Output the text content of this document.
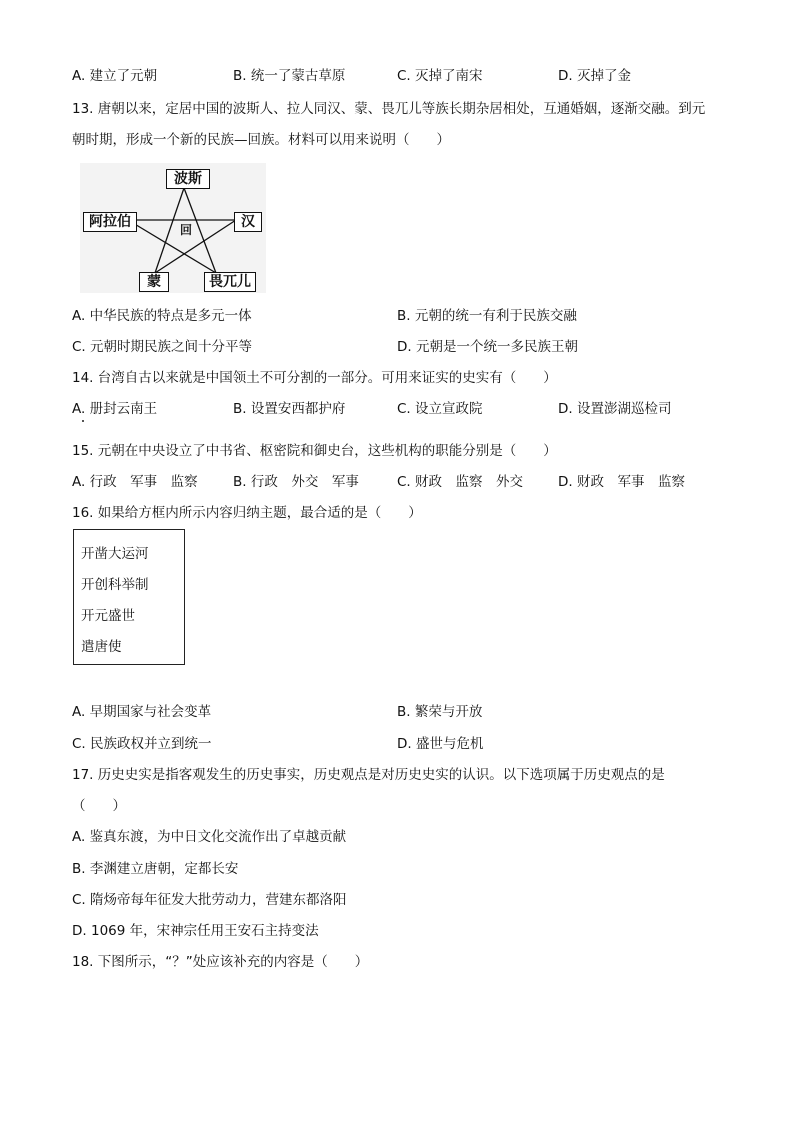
A. 建立了元朝	B. 统一了蒙古草原	C. 灭掉了南宋	D. 灭掉了金
13. 唐朝以来，定居中国的波斯人、拉人同汉、蒙、畏兀儿等族长期杂居相处，互通婚姻，逐渐交融。到元
朝时期，形成一个新的民族—回族。材料可以用来说明（　　）
波斯
阿拉伯	汉
蒙	畏兀儿
回
A. 中华民族的特点是多元一体	B. 元朝的统一有利于民族交融
C. 元朝时期民族之间十分平等	D. 元朝是一个统一多民族王朝
14. 台湾自古以来就是中国领土不可分割的一部分。可用来证实的史实有（　　）
A. 册封云南王	B. 设置安西都护府	C. 设立宣政院	D. 设置澎湖巡检司
15. 元朝在中央设立了中书省、枢密院和御史台，这些机构的职能分别是（　　）
A. 行政　军事　监察	B. 行政　外交　军事	C. 财政　监察　外交	D. 财政　军事　监察
16. 如果给方框内所示内容归纳主题，最合适的是（　　）
开凿大运河
开创科举制
开元盛世
遣唐使
A. 早期国家与社会变革	B. 繁荣与开放
C. 民族政权并立到统一	D. 盛世与危机
17. 历史史实是指客观发生的历史事实，历史观点是对历史史实的认识。以下选项属于历史观点的是
（　　）
A. 鉴真东渡，为中日文化交流作出了卓越贡献
B. 李渊建立唐朝，定都长安
C. 隋炀帝每年征发大批劳动力，营建东都洛阳
D. 1069 年，宋神宗任用王安石主持变法
18. 下图所示，“？”处应该补充的内容是（　　）
